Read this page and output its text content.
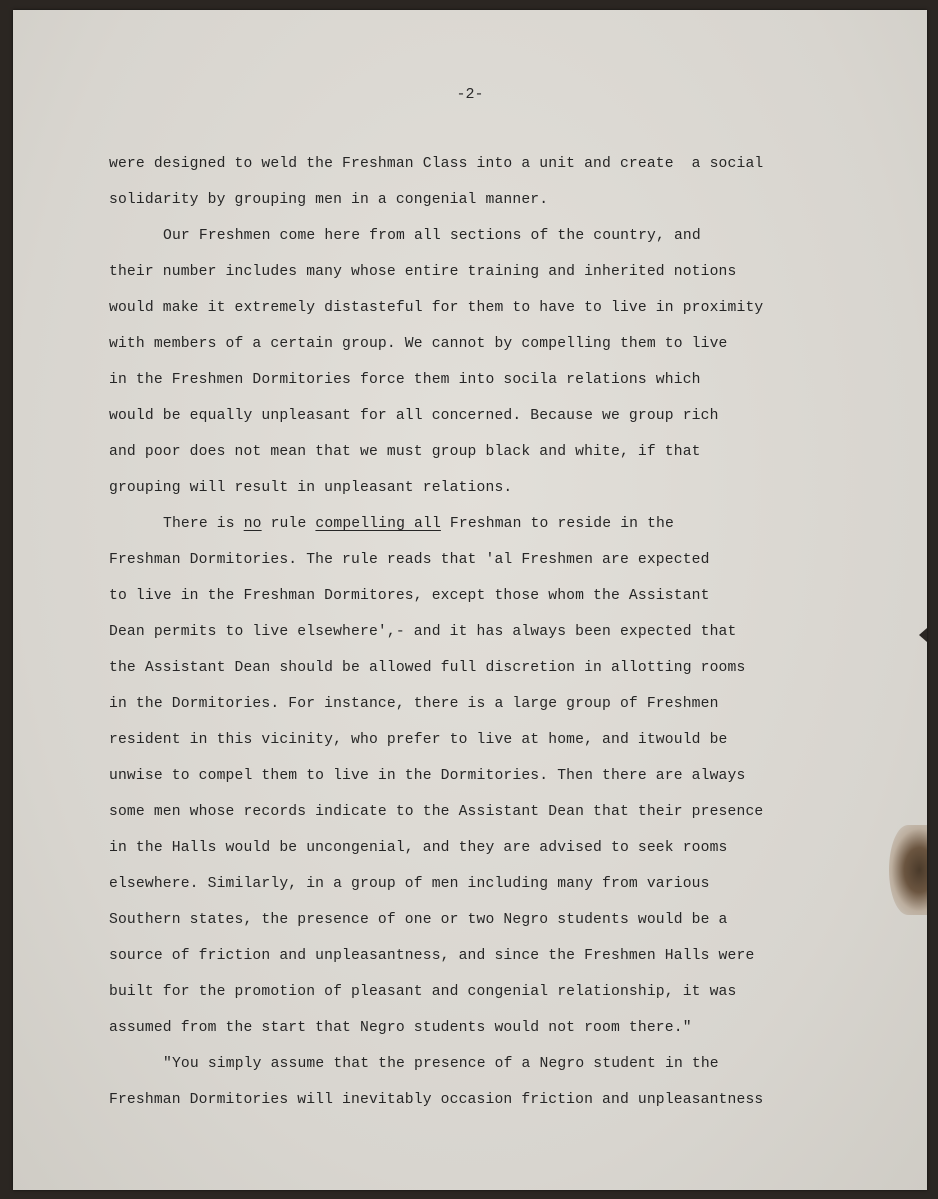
-2-
were designed to weld the Freshman Class into a unit and create  a social
solidarity by grouping men in a congenial manner.
Our Freshmen come here from all sections of the country, and
their number includes many whose entire training and inherited notions
would make it extremely distasteful for them to have to live in proximity
with members of a certain group. We cannot by compelling them to live
in the Freshmen Dormitories force them into socila relations which
would be equally unpleasant for all concerned. Because we group rich
and poor does not mean that we must group black and white, if that
grouping will result in unpleasant relations.
There is no rule compelling all Freshman to reside in the
Freshman Dormitories. The rule reads that 'al Freshmen are expected
to live in the Freshman Dormitores, except those whom the Assistant
Dean permits to live elsewhere',- and it has always been expected that
the Assistant Dean should be allowed full discretion in allotting rooms
in the Dormitories. For instance, there is a large group of Freshmen
resident in this vicinity, who prefer to live at home, and itwould be
unwise to compel them to live in the Dormitories. Then there are always
some men whose records indicate to the Assistant Dean that their presence
in the Halls would be uncongenial, and they are advised to seek rooms
elsewhere. Similarly, in a group of men including many from various
Southern states, the presence of one or two Negro students would be a
source of friction and unpleasantness, and since the Freshmen Halls were
built for the promotion of pleasant and congenial relationship, it was
assumed from the start that Negro students would not room there."
"You simply assume that the presence of a Negro student in the
Freshman Dormitories will inevitably occasion friction and unpleasantness
